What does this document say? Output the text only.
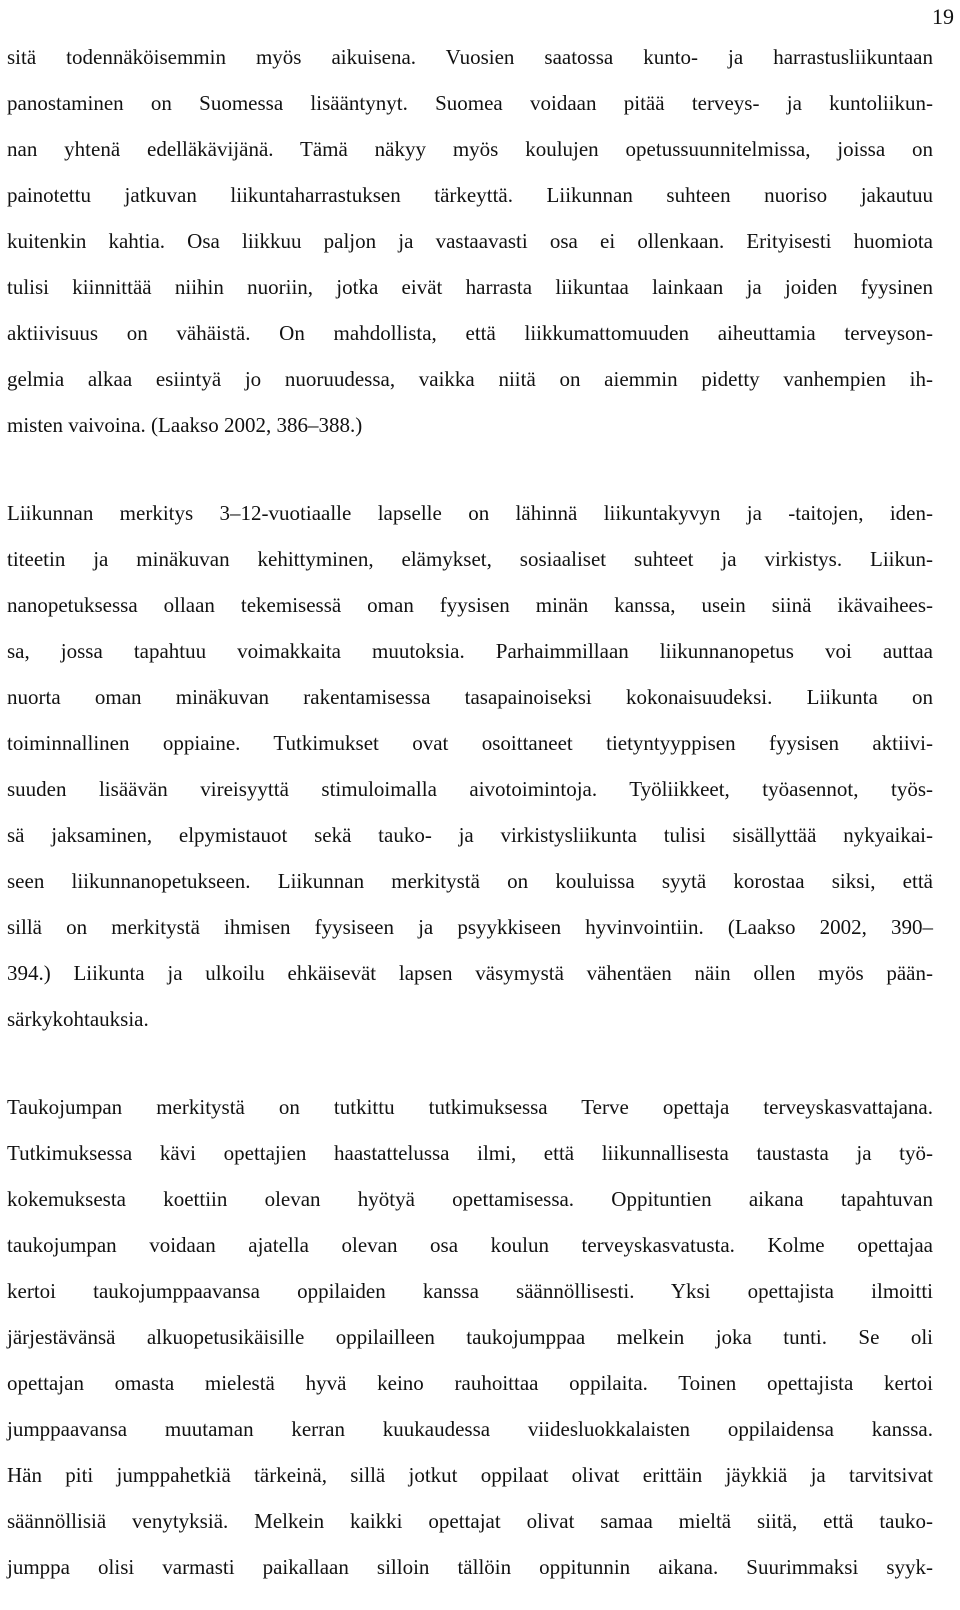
19
sitä todennäköisemmin myös aikuisena. Vuosien saatossa kunto- ja harrastusliikuntaan
panostaminen on Suomessa lisääntynyt. Suomea voidaan pitää terveys- ja kuntoliikun-
nan yhtenä edelläkävijänä. Tämä näkyy myös koulujen opetussuunnitelmissa, joissa on
painotettu jatkuvan liikuntaharrastuksen tärkeyttä. Liikunnan suhteen nuoriso jakautuu
kuitenkin kahtia. Osa liikkuu paljon ja vastaavasti osa ei ollenkaan. Erityisesti huomiota
tulisi kiinnittää niihin nuoriin, jotka eivät harrasta liikuntaa lainkaan ja joiden fyysinen
aktiivisuus on vähäistä. On mahdollista, että liikkumattomuuden aiheuttamia terveyson-
gelmia alkaa esiintyä jo nuoruudessa, vaikka niitä on aiemmin pidetty vanhempien ih-
misten vaivoina. (Laakso 2002, 386–388.)
Liikunnan merkitys 3–12-vuotiaalle lapselle on lähinnä liikuntakyvyn ja -taitojen, iden-
titeetin ja minäkuvan kehittyminen, elämykset, sosiaaliset suhteet ja virkistys. Liikun-
nanopetuksessa ollaan tekemisessä oman fyysisen minän kanssa, usein siinä ikävaihees-
sa, jossa tapahtuu voimakkaita muutoksia. Parhaimmillaan liikunnanopetus voi auttaa
nuorta oman minäkuvan rakentamisessa tasapainoiseksi kokonaisuudeksi. Liikunta on
toiminnallinen oppiaine. Tutkimukset ovat osoittaneet tietyntyyppisen fyysisen aktiivi-
suuden lisäävän vireisyyttä stimuloimalla aivotoimintoja. Työliikkeet, työasennot, työs-
sä jaksaminen, elpymistauot sekä tauko- ja virkistysliikunta tulisi sisällyttää nykyaikai-
seen liikunnanopetukseen. Liikunnan merkitystä on kouluissa syytä korostaa siksi, että
sillä on merkitystä ihmisen fyysiseen ja psyykkiseen hyvinvointiin. (Laakso 2002, 390–
394.) Liikunta ja ulkoilu ehkäisevät lapsen väsymystä vähentäen näin ollen myös pään-
särkykohtauksia.
Taukojumpan merkitystä on tutkittu tutkimuksessa Terve opettaja terveyskasvattajana.
Tutkimuksessa kävi opettajien haastattelussa ilmi, että liikunnallisesta taustasta ja työ-
kokemuksesta koettiin olevan hyötyä opettamisessa. Oppituntien aikana tapahtuvan
taukojumpan voidaan ajatella olevan osa koulun terveyskasvatusta. Kolme opettajaa
kertoi taukojumppaavansa oppilaiden kanssa säännöllisesti. Yksi opettajista ilmoitti
järjestävänsä alkuopetusikäisille oppilailleen taukojumppaa melkein joka tunti. Se oli
opettajan omasta mielestä hyvä keino rauhoittaa oppilaita. Toinen opettajista kertoi
jumppaavansa muutaman kerran kuukaudessa viidesluokkalaisten oppilaidensa kanssa.
Hän piti jumppahetkiä tärkeinä, sillä jotkut oppilaat olivat erittäin jäykkiä ja tarvitsivat
säännöllisiä venytyksiä. Melkein kaikki opettajat olivat samaa mieltä siitä, että tauko-
jumppa olisi varmasti paikallaan silloin tällöin oppitunnin aikana. Suurimmaksi syyk-
